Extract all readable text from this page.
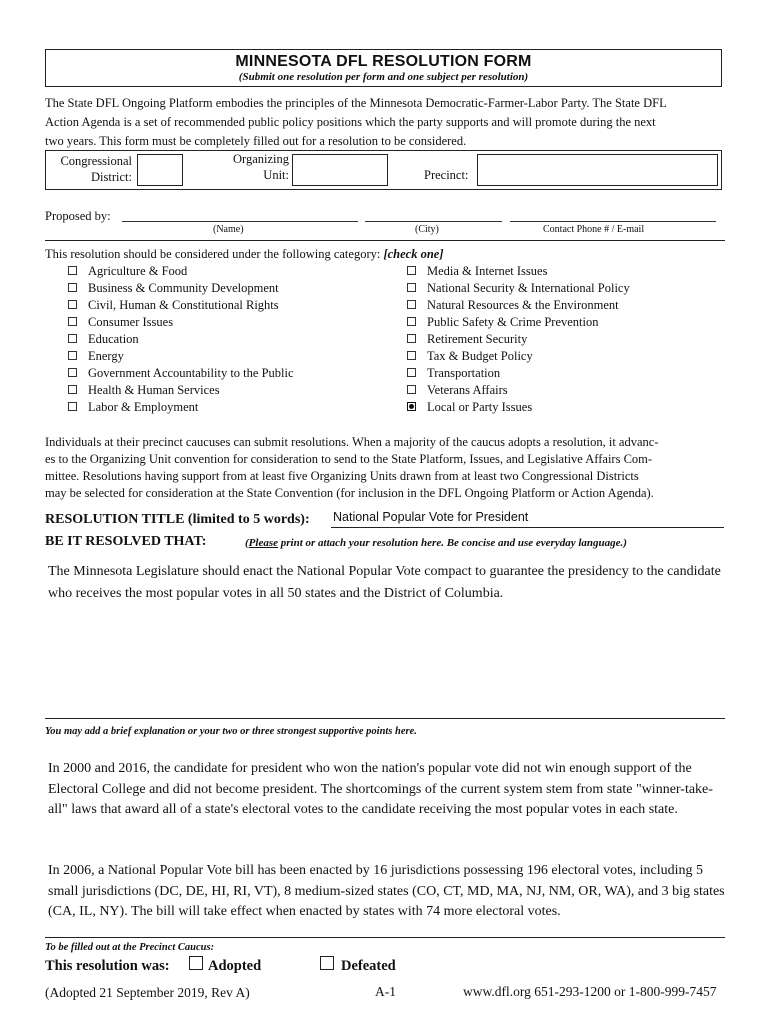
MINNESOTA DFL RESOLUTION FORM
(Submit one resolution per form and one subject per resolution)
The State DFL Ongoing Platform embodies the principles of the Minnesota Democratic-Farmer-Labor Party. The State DFL
Action Agenda is a set of recommended public policy positions which the party supports and will promote during the next
two years. This form must be completely filled out for a resolution to be considered.
Congressional
District:
Organizing
Unit:	Precinct:
Proposed by:
(Name)	(City)	Contact Phone # / E-mail
This resolution should be considered under the following category: [check one]
Agriculture & Food
Business & Community Development
Civil, Human & Constitutional Rights
Consumer Issues
Education
Energy
Government Accountability to the Public
Health & Human Services
Labor & Employment
Media & Internet Issues
National Security & International Policy
Natural Resources & the Environment
Public Safety & Crime Prevention
Retirement Security
Tax & Budget Policy
Transportation
Veterans Affairs
Local or Party Issues
Individuals at their precinct caucuses can submit resolutions. When a majority of the caucus adopts a resolution, it advanc-
es to the Organizing Unit convention for consideration to send to the State Platform, Issues, and Legislative Affairs Com-
mittee. Resolutions having support from at least five Organizing Units drawn from at least two Congressional Districts
may be selected for consideration at the State Convention (for inclusion in the DFL Ongoing Platform or Action Agenda).
RESOLUTION TITLE (limited to 5 words): National Popular Vote for President
BE IT RESOLVED THAT:	(Please print or attach your resolution here. Be concise and use everyday language.)
The Minnesota Legislature should enact the National Popular Vote compact to guarantee the presidency to the candidate who receives the most popular votes in all 50 states and the District of Columbia.
You may add a brief explanation or your two or three strongest supportive points here.
In 2000 and 2016, the candidate for president who won the nation's popular vote did not win enough support of the Electoral College and did not become president. The shortcomings of the current system stem from state "winner-take-all" laws that award all of a state's electoral votes to the candidate receiving the most popular votes in each state.
In 2006, a National Popular Vote bill has been enacted by 16 jurisdictions possessing 196 electoral votes, including 5 small jurisdictions (DC, DE, HI, RI, VT), 8 medium-sized states (CO, CT, MD, MA, NJ, NM, OR, WA), and 3 big states (CA, IL, NY). The bill will take effect when enacted by states with 74 more electoral votes.
To be filled out at the Precinct Caucus:
This resolution was:	Adopted	Defeated
(Adopted 21 September 2019, Rev A)	A-1	www.dfl.org 651-293-1200 or 1-800-999-7457
